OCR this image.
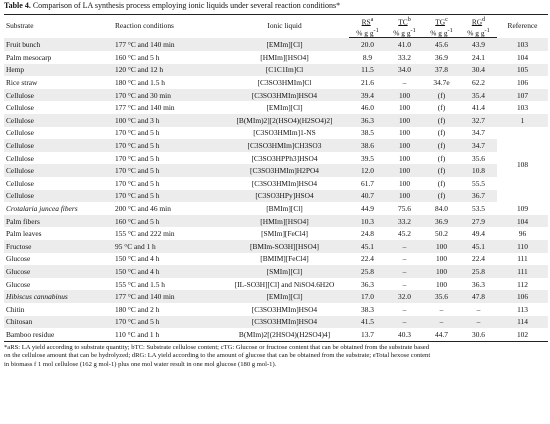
Table 4. Comparison of LA synthesis process employing ionic liquids under several reaction conditions*
Substrate	Reaction conditions	Ionic liquid	$RS^a$	$TC^b$	$TG^c$	$RG^d$	Reference
			% g $g^{-1}$	% g $g^{-1}$	% g $g^{-1}$	% g $g^{-1}$
Fruit bunch	177 °C and 140 min	[EMIm][Cl]	20.0	41.0	45.6	43.9	103
Palm mesocarp	160 °C and 5 h	[HMIm][HSO4]	8.9	33.2	36.9	24.1	104
Hemp	120 °C and 12 h	[C1C1Im]Cl	11.5	34.0	37.8	30.4	105
Rice straw	180 °C and 1.5 h	[C3SO3HMIm]Cl	21.6	–	34.7e	62.2	106
Cellulose	170 °C and 30 min	[C3SO3HMIm]HSO4	39.4	100	(f)	35.4	107
Cellulose	177 °C and 140 min	[EMIm][Cl]	46.0	100	(f)	41.4	103
Cellulose	100 °C and 3 h	[B(MIm)2][2(HSO4)(H2SO4)2]	36.3	100	(f)	32.7	1
Cellulose	170 °C and 5 h	[C3SO3HMIm]1-NS	38.5	100	(f)	34.7	108
Cellulose	170 °C and 5 h	[C3SO3HMIm]CH3SO3	38.6	100	(f)	34.7	
Cellulose	170 °C and 5 h	[C3SO3HPPh3]HSO4	39.5	100	(f)	35.6	
Cellulose	170 °C and 5 h	[C3SO3HMIm]H2PO4	12.0	100	(f)	10.8	
Cellulose	170 °C and 5 h	[C3SO3HMIm]HSO4	61.7	100	(f)	55.5	
Cellulose	170 °C and 5 h	[C3SO3HPy]HSO4	40.7	100	(f)	36.7	
Crotalaria juncea fibers	200 °C and 46 min	[BMIm][Cl]	44.9	75.6	84.0	53.5	109
Palm fibers	160 °C and 5 h	[HMIm][HSO4]	10.3	33.2	36.9	27.9	104
Palm leaves	155 °C and 222 min	[SMIm][FeCl4]	24.8	45.2	50.2	49.4	96
Fructose	95 °C and 1 h	[BMIm-SO3H][HSO4]	45.1	–	100	45.1	110
Glucose	150 °C and 4 h	[BMIM][FeCl4]	22.4	–	100	22.4	111
Glucose	150 °C and 4 h	[SMIm][Cl]	25.8	–	100	25.8	111
Glucose	155 °C and 1.5 h	[IL-SO3H][Cl] and NiSO4.6H2O	36.3	–	100	36.3	112
Hibiscus cannabinus	177 °C and 140 min	[EMIm][Cl]	17.0	32.0	35.6	47.8	106
Chitin	180 °C and 2 h	[C3SO3HMIm]HSO4	38.3	–	–	–	113
Chitosan	170 °C and 5 h	[C3SO3HMIm]HSO4	41.5	–	–	–	114
Bamboo residue	110 °C and 1 h	B(MIm)2[(2HSO4)(H2SO4)4]	13.7	40.3	44.7	30.6	102
*aRS: LA yield according to substrate quantity; bTC: Substrate cellulose content; cTG: Glucose or fructose content that can be obtained from the substrate based
on the cellulose amount that can be hydrolyzed; dRG: LA yield according to the amount of glucose that can be obtained from the substrate; eTotal hexose content
in biomass f 1 mol cellulose (162 g mol-1) plus one mol water result in one mol glucose (180 g mol-1).
